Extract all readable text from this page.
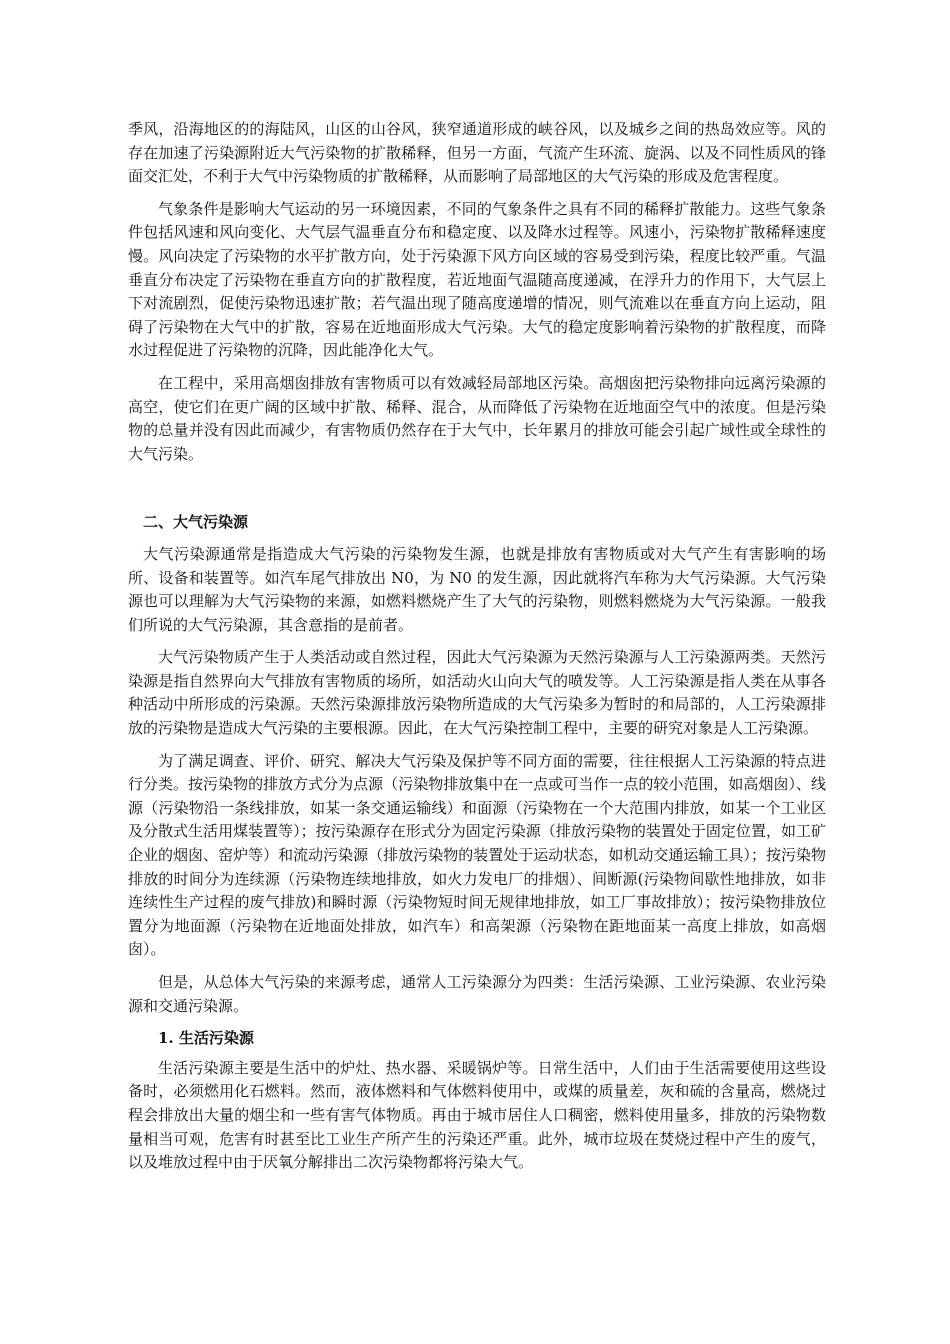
季风，沿海地区的的海陆风，山区的山谷风，狭窄通道形成的峡谷风，以及城乡之间的热岛效应等。风的存在加速了污染源附近大气污染物的扩散稀释，但另一方面，气流产生环流、旋涡、以及不同性质风的锋面交汇处，不利于大气中污染物质的扩散稀释，从而影响了局部地区的大气污染的形成及危害程度。

气象条件是影响大气运动的另一环境因素，不同的气象条件之具有不同的稀释扩散能力。这些气象条件包括风速和风向变化、大气层气温垂直分布和稳定度、以及降水过程等。风速小，污染物扩散稀释速度慢。风向决定了污染物的水平扩散方向，处于污染源下风方向区域的容易受到污染，程度比较严重。气温垂直分布决定了污染物在垂直方向的扩散程度，若近地面气温随高度递减，在浮升力的作用下，大气层上下对流剧烈，促使污染物迅速扩散；若气温出现了随高度递增的情况，则气流难以在垂直方向上运动，阻碍了污染物在大气中的扩散，容易在近地面形成大气污染。大气的稳定度影响着污染物的扩散程度，而降水过程促进了污染物的沉降，因此能净化大气。

在工程中，采用高烟囱排放有害物质可以有效减轻局部地区污染。高烟囱把污染物排向远离污染源的高空，使它们在更广阔的区域中扩散、稀释、混合，从而降低了污染物在近地面空气中的浓度。但是污染物的总量并没有因此而减少，有害物质仍然存在于大气中，长年累月的排放可能会引起广域性或全球性的大气污染。

二、大气污染源

大气污染源通常是指造成大气污染的污染物发生源，也就是排放有害物质或对大气产生有害影响的场所、设备和装置等。如汽车尾气排放出 N0，为 N0 的发生源，因此就将汽车称为大气污染源。大气污染源也可以理解为大气污染物的来源，如燃料燃烧产生了大气的污染物，则燃料燃烧为大气污染源。一般我们所说的大气污染源，其含意指的是前者。

大气污染物质产生于人类活动或自然过程，因此大气污染源为天然污染源与人工污染源两类。天然污染源是指自然界向大气排放有害物质的场所，如活动火山向大气的喷发等。人工污染源是指人类在从事各种活动中所形成的污染源。天然污染源排放污染物所造成的大气污染多为暂时的和局部的，人工污染源排放的污染物是造成大气污染的主要根源。因此，在大气污染控制工程中，主要的研究对象是人工污染源。

为了满足调查、评价、研究、解决大气污染及保护等不同方面的需要，往往根据人工污染源的特点进行分类。按污染物的排放方式分为点源（污染物排放集中在一点或可当作一点的较小范围，如高烟囱）、线源（污染物沿一条线排放，如某一条交通运输线）和面源（污染物在一个大范围内排放，如某一个工业区及分散式生活用煤装置等）；按污染源存在形式分为固定污染源（排放污染物的装置处于固定位置，如工矿企业的烟囱、窑炉等）和流动污染源（排放污染物的装置处于运动状态，如机动交通运输工具）；按污染物排放的时间分为连续源（污染物连续地排放，如火力发电厂的排烟）、间断源(污染物间歇性地排放，如非连续性生产过程的废气排放)和瞬时源（污染物短时间无规律地排放，如工厂事故排放）；按污染物排放位置分为地面源（污染物在近地面处排放，如汽车）和高架源（污染物在距地面某一高度上排放，如高烟囱）。

但是，从总体大气污染的来源考虑，通常人工污染源分为四类：生活污染源、工业污染源、农业污染源和交通污染源。

1. 生活污染源

生活污染源主要是生活中的炉灶、热水器、采暖锅炉等。日常生活中，人们由于生活需要使用这些设备时，必须燃用化石燃料。然而，液体燃料和气体燃料使用中，或煤的质量差，灰和硫的含量高，燃烧过程会排放出大量的烟尘和一些有害气体物质。再由于城市居住人口稠密，燃料使用量多，排放的污染物数量相当可观，危害有时甚至比工业生产所产生的污染还严重。此外，城市垃圾在焚烧过程中产生的废气，以及堆放过程中由于厌氧分解排出二次污染物都将污染大气。
